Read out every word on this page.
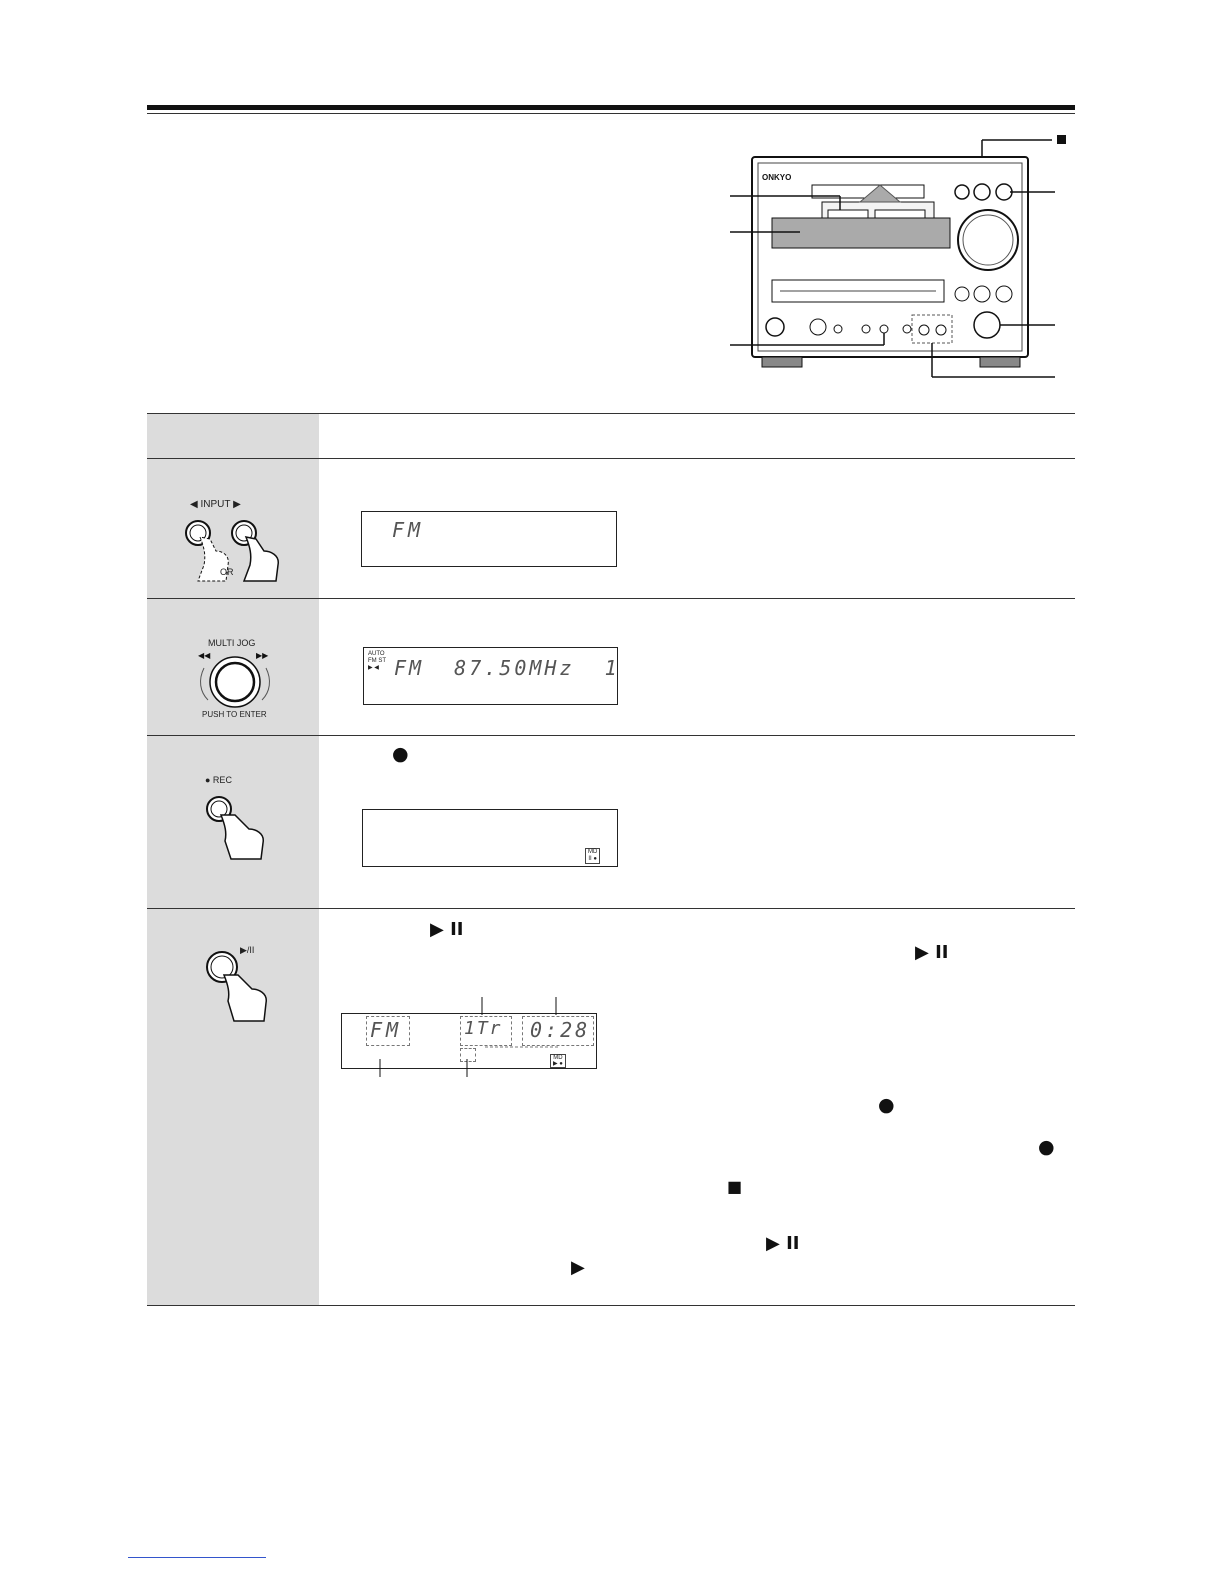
ONKYO
◀ INPUT ▶
OR
FM
MULTI JOG
◀◀	▶▶
PUSH TO ENTER
AUTO
FM ST
▶ ◀ FM  87.50MHz  1
●
● REC
MD
II ●
▶/II
▶ II
▶ II
FM	1Tr 0:28
MD
▶ ●
●
●
■
▶ II
▶
